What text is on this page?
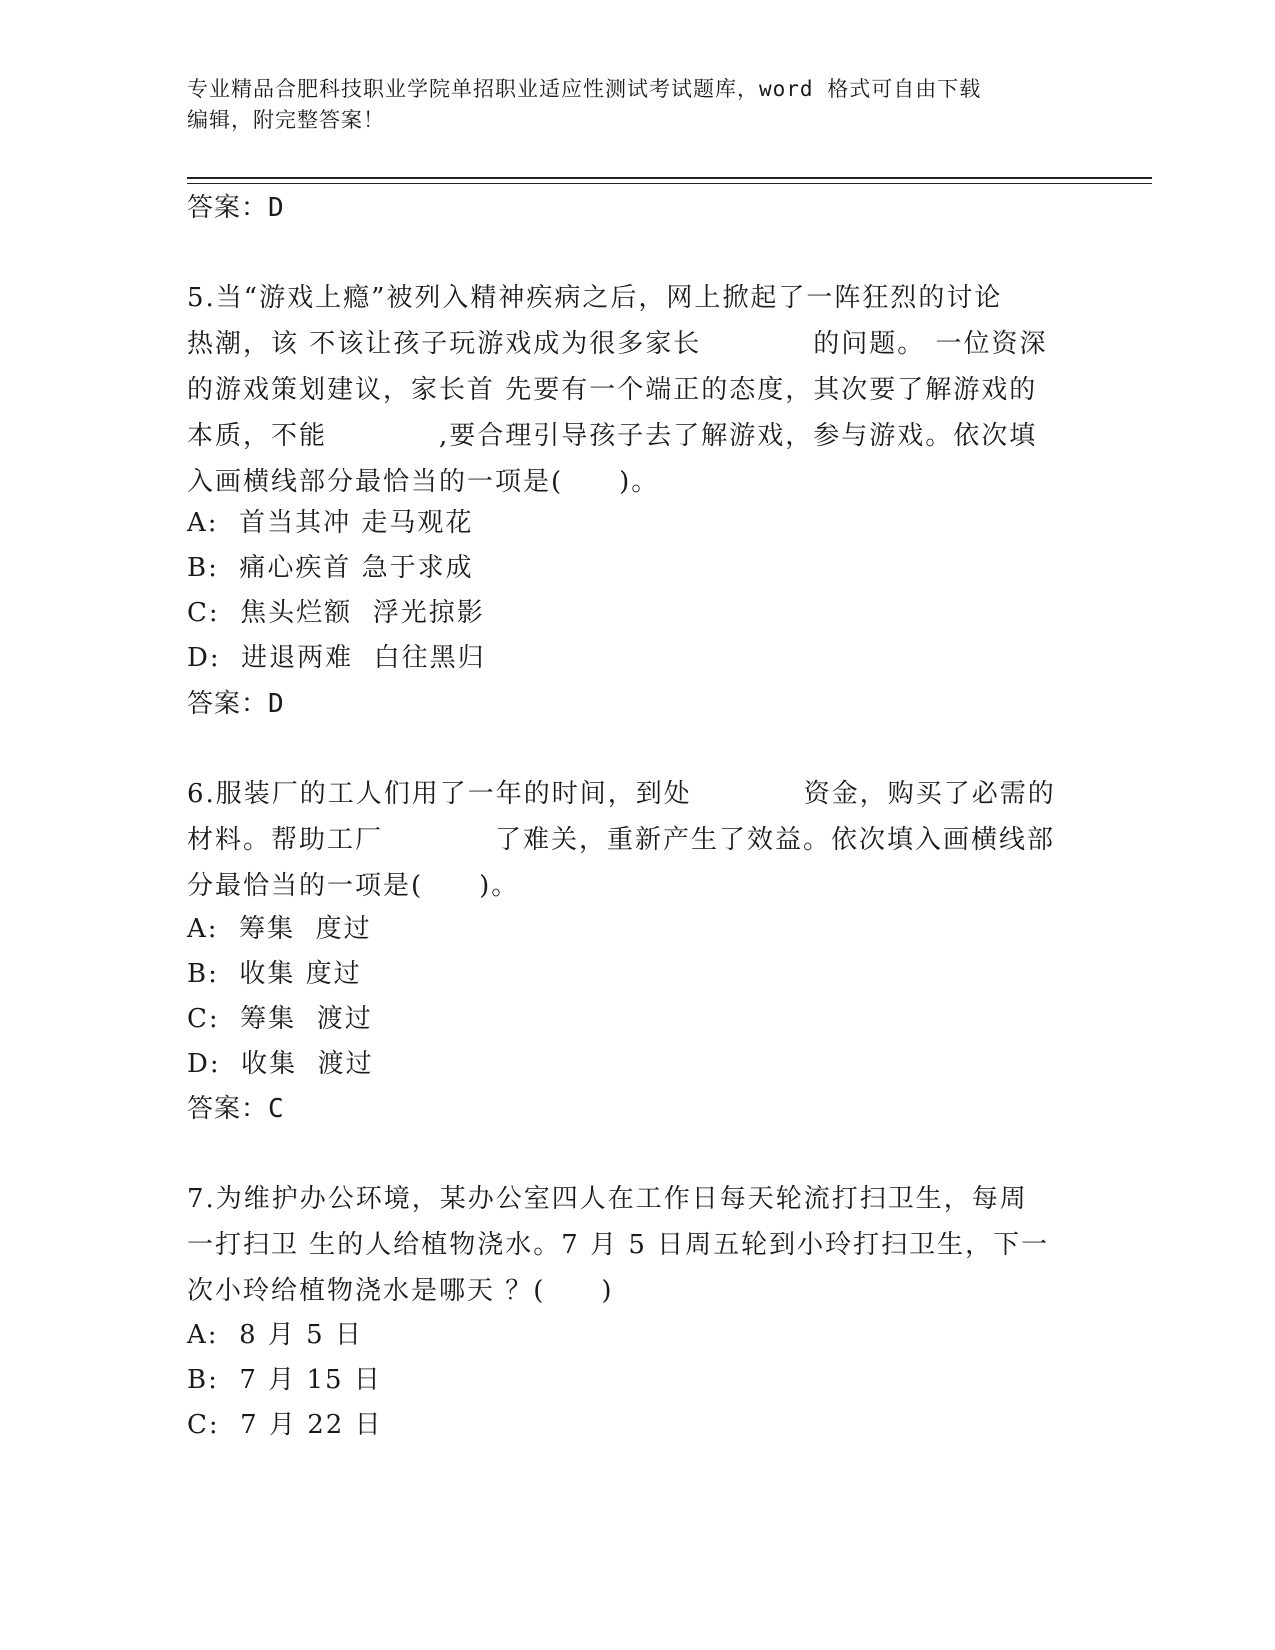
专业精品合肥科技职业学院单招职业适应性测试考试题库，word 格式可自由下载
编辑，附完整答案！
答案：D
5.当“游戏上瘾”被列入精神疾病之后，网上掀起了一阵狂烈的讨论
热潮，该 不该让孩子玩游戏成为很多家长　　　　的问题。 一位资深
的游戏策划建议，家长首 先要有一个端正的态度，其次要了解游戏的
本质，不能　　　　,要合理引导孩子去了解游戏，参与游戏。依次填
入画横线部分最恰当的一项是(　　)。
A:  首当其冲 走马观花
B:  痛心疾首 急于求成
C:  焦头烂额  浮光掠影
D:  进退两难  白往黑归
答案：D
6.服装厂的工人们用了一年的时间，到处　　　　资金，购买了必需的
材料。帮助工厂　　　　了难关，重新产生了效益。依次填入画横线部
分最恰当的一项是(　　)。
A:  筹集  度过
B:  收集 度过
C:  筹集  渡过
D:  收集  渡过
答案：C
7.为维护办公环境，某办公室四人在工作日每天轮流打扫卫生，每周
一打扫卫 生的人给植物浇水。7 月 5 日周五轮到小玲打扫卫生，下一
次小玲给植物浇水是哪天 ？(　　)
A:  8 月 5 日
B:  7 月 15 日
C:  7 月 22 日
